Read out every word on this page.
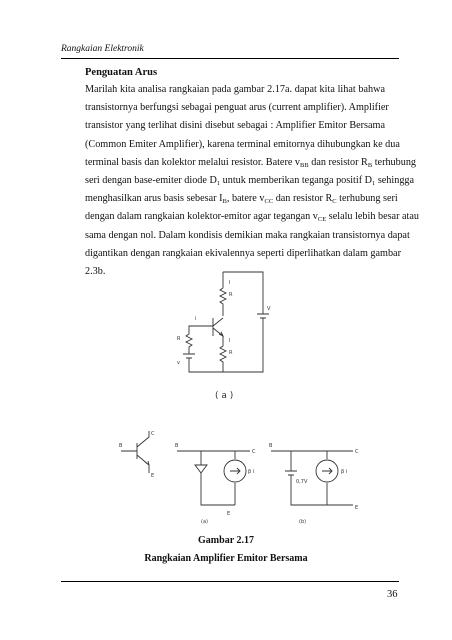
Rangkaian Elektronik
Penguatan Arus
Marilah kita analisa rangkaian pada gambar 2.17a. dapat kita lihat bahwa
transistornya berfungsi sebagai penguat arus (current amplifier). Amplifier
transistor yang terlihat disini disebut sebagai : Amplifier Emitor Bersama
(Common Emiter Amplifier), karena terminal emitornya dihubungkan ke dua
terminal basis dan kolektor melalui resistor. Batere $v_{BB}$ dan resistor $R_B$ terhubung
seri dengan base-emiter diode $D_1$ untuk memberikan teganga positif $D_1$ sehingga
menghasilkan arus basis sebesar $I_B$, batere $v_{CC}$ dan resistor $R_C$ terhubung seri
dengan dalam rangkaian kolektor-emitor agar tegangan $v_{CE}$ selalu lebih besar atau
sama dengan nol. Dalam kondisis demikian maka rangkaian transistornya dapat
digantikan dengan rangkaian ekivalennya seperti diperlihatkan dalam gambar
2.3b.
I
R
i
R
v
V
R
I
( a )
B
C
E
B
C
E
β i
(a)
B
C
E
0,7V
β i
(b)
Gambar 2.17
Rangkaian Amplifier Emitor Bersama
36
